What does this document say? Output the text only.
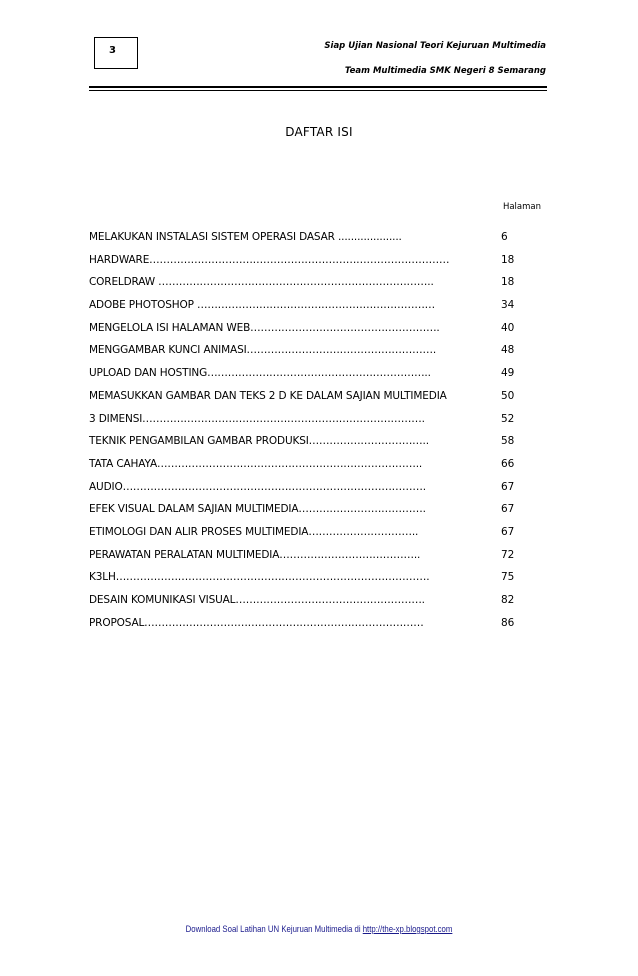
3	Siap Ujian Nasional Teori Kejuruan Multimedia
Team Multimedia SMK Negeri 8 Semarang
DAFTAR ISI
Halaman
MELAKUKAN INSTALASI SISTEM OPERASI DASAR ....................	6
HARDWARE……………………………………………………………………………	18
CORELDRAW ……………………………………………………………………..	18
ADOBE PHOTOSHOP ……………………………………………………………	34
MENGELOLA ISI HALAMAN WEB……………………………………………….	40
MENGGAMBAR KUNCI ANIMASI……………………………………………….	48
UPLOAD DAN HOSTING………………………………………………………..	49
MEMASUKKAN GAMBAR DAN TEKS 2 D KE DALAM SAJIAN MULTIMEDIA	50
3 DIMENSI……………………………………………………………………….	52
TEKNIK PENGAMBILAN GAMBAR PRODUKSI……………………………..	58
TATA CAHAYA…………………………………………………………………..	66
AUDIO…………………………………………………………………………….	67
EFEK VISUAL DALAM SAJIAN MULTIMEDIA……………………………….	67
ETIMOLOGI DAN ALIR PROSES MULTIMEDIA…………………………..	67
PERAWATAN PERALATAN MULTIMEDIA…………………………………..	72
K3LH……………………………………………………………………………….	75
DESAIN KOMUNIKASI VISUAL……………………………………………….	82
PROPOSAL………………………………………………………………………	86
Download Soal Latihan UN Kejuruan Multimedia di http://the-xp.blogspot.com
